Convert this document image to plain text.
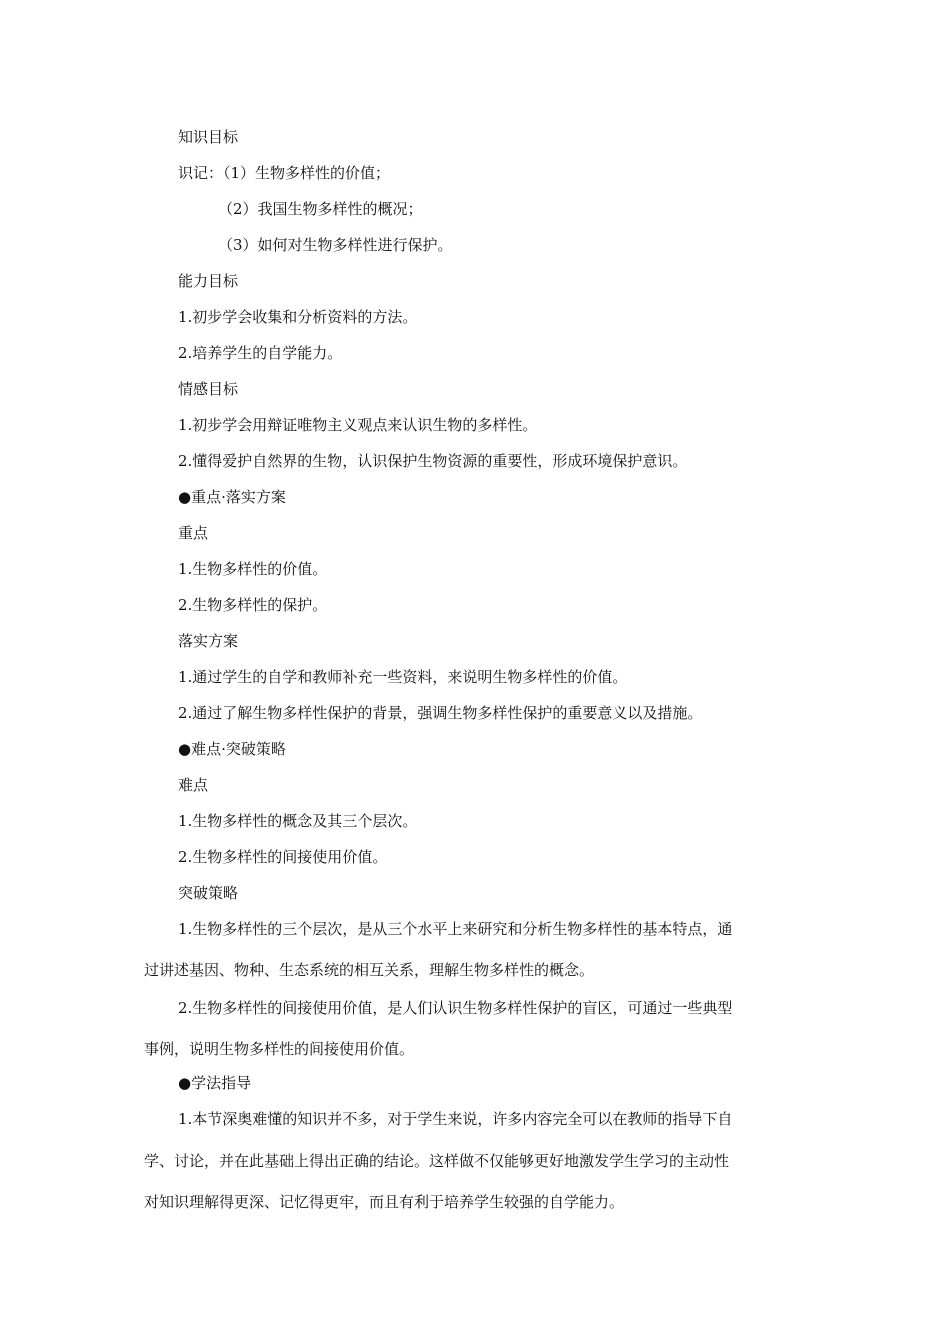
知识目标
识记：（1）生物多样性的价值；
（2）我国生物多样性的概况；
（3）如何对生物多样性进行保护。
能力目标
1.初步学会收集和分析资料的方法。
2.培养学生的自学能力。
情感目标
1.初步学会用辩证唯物主义观点来认识生物的多样性。
2.懂得爱护自然界的生物，认识保护生物资源的重要性，形成环境保护意识。
●重点·落实方案
重点
1.生物多样性的价值。
2.生物多样性的保护。
落实方案
1.通过学生的自学和教师补充一些资料，来说明生物多样性的价值。
2.通过了解生物多样性保护的背景，强调生物多样性保护的重要意义以及措施。
●难点·突破策略
难点
1.生物多样性的概念及其三个层次。
2.生物多样性的间接使用价值。
突破策略
1.生物多样性的三个层次，是从三个水平上来研究和分析生物多样性的基本特点，通
过讲述基因、物种、生态系统的相互关系，理解生物多样性的概念。
2.生物多样性的间接使用价值，是人们认识生物多样性保护的盲区，可通过一些典型
事例，说明生物多样性的间接使用价值。
●学法指导
1.本节深奥难懂的知识并不多，对于学生来说，许多内容完全可以在教师的指导下自
学、讨论，并在此基础上得出正确的结论。这样做不仅能够更好地激发学生学习的主动性
对知识理解得更深、记忆得更牢，而且有利于培养学生较强的自学能力。
